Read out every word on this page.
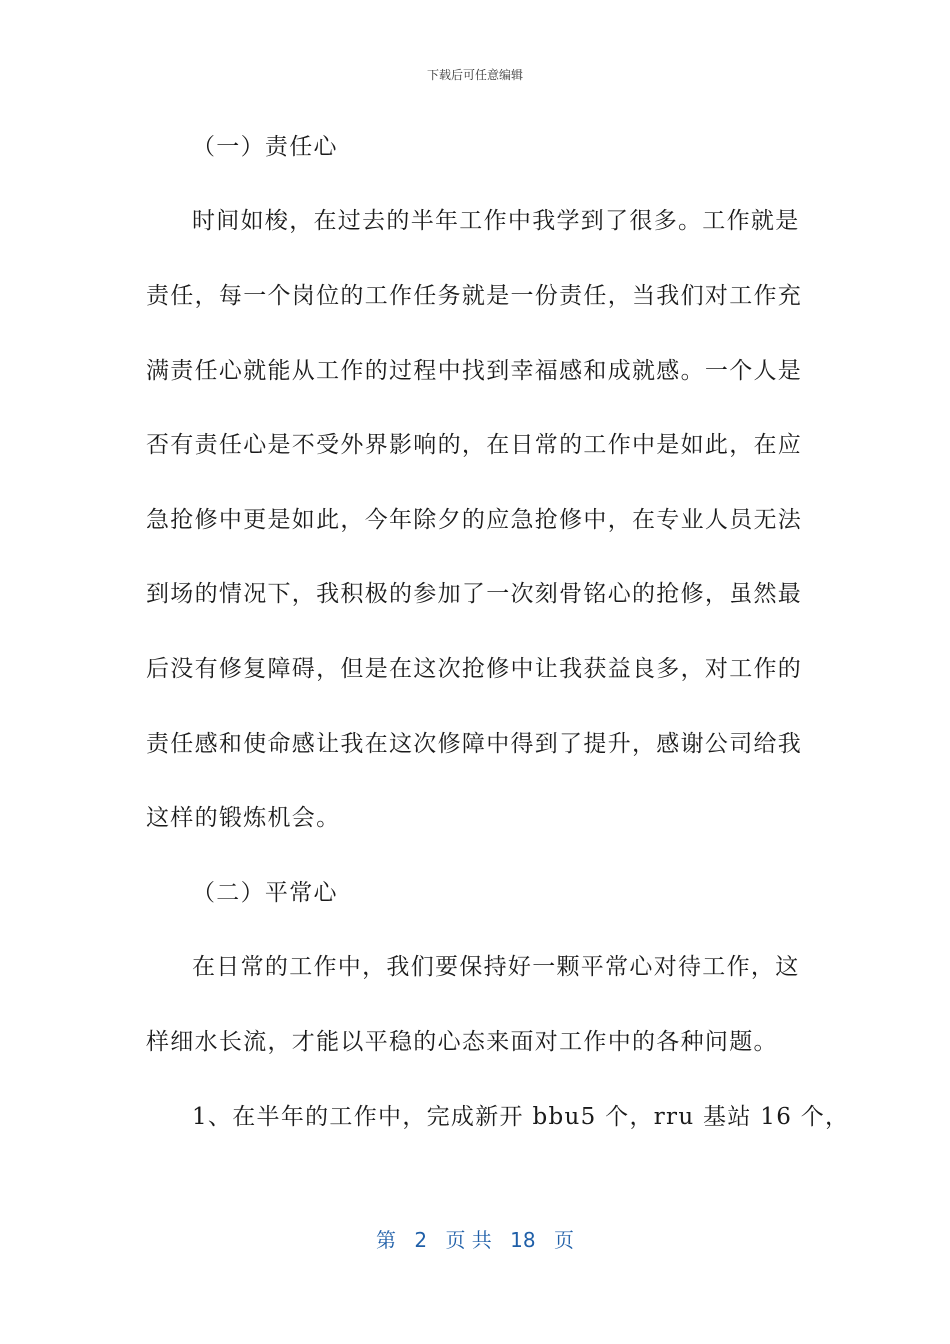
下载后可任意编辑
（一）责任心
时间如梭，在过去的半年工作中我学到了很多。工作就是
责任，每一个岗位的工作任务就是一份责任，当我们对工作充
满责任心就能从工作的过程中找到幸福感和成就感。一个人是
否有责任心是不受外界影响的，在日常的工作中是如此，在应
急抢修中更是如此，今年除夕的应急抢修中，在专业人员无法
到场的情况下，我积极的参加了一次刻骨铭心的抢修，虽然最
后没有修复障碍，但是在这次抢修中让我获益良多，对工作的
责任感和使命感让我在这次修障中得到了提升，感谢公司给我
这样的锻炼机会。
（二）平常心
在日常的工作中，我们要保持好一颗平常心对待工作，这
样细水长流，才能以平稳的心态来面对工作中的各种问题。
1、在半年的工作中，完成新开 bbu5 个，rru 基站 16 个，
第 2 页 共 18 页
